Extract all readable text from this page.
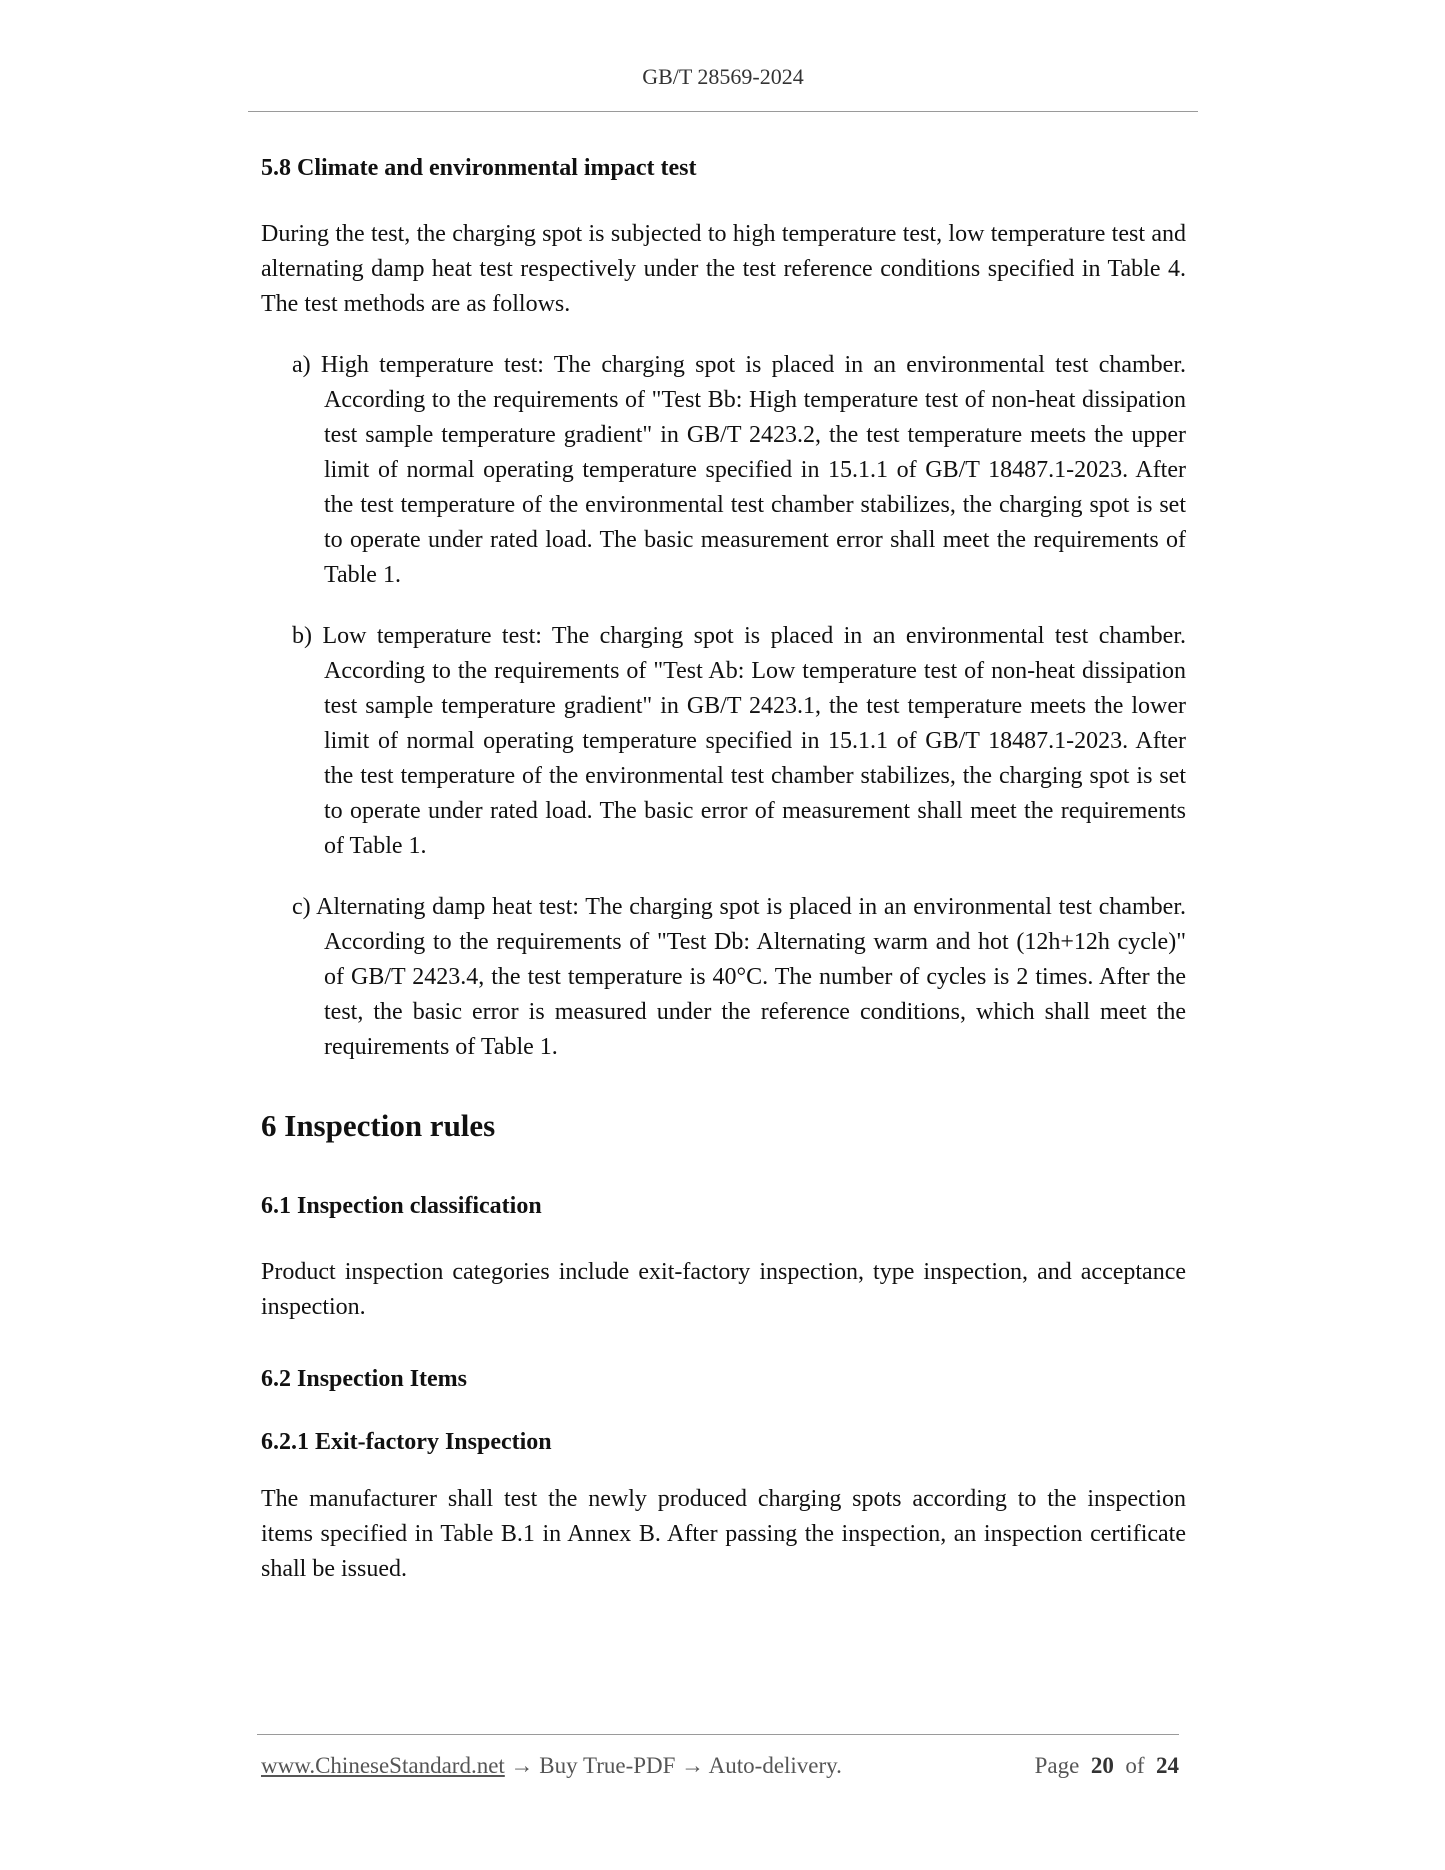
GB/T 28569-2024
5.8 Climate and environmental impact test

During the test, the charging spot is subjected to high temperature test, low temperature test and alternating damp heat test respectively under the test reference conditions specified in Table 4. The test methods are as follows.

a) High temperature test: The charging spot is placed in an environmental test chamber. According to the requirements of "Test Bb: High temperature test of non-heat dissipation test sample temperature gradient" in GB/T 2423.2, the test temperature meets the upper limit of normal operating temperature specified in 15.1.1 of GB/T 18487.1-2023. After the test temperature of the environmental test chamber stabilizes, the charging spot is set to operate under rated load. The basic measurement error shall meet the requirements of Table 1.
b) Low temperature test: The charging spot is placed in an environmental test chamber. According to the requirements of "Test Ab: Low temperature test of non-heat dissipation test sample temperature gradient" in GB/T 2423.1, the test temperature meets the lower limit of normal operating temperature specified in 15.1.1 of GB/T 18487.1-2023. After the test temperature of the environmental test chamber stabilizes, the charging spot is set to operate under rated load. The basic error of measurement shall meet the requirements of Table 1.
c) Alternating damp heat test: The charging spot is placed in an environmental test chamber. According to the requirements of "Test Db: Alternating warm and hot (12h+12h cycle)" of GB/T 2423.4, the test temperature is 40°C. The number of cycles is 2 times. After the test, the basic error is measured under the reference conditions, which shall meet the requirements of Table 1.
6 Inspection rules
6.1 Inspection classification

Product inspection categories include exit-factory inspection, type inspection, and acceptance inspection.

6.2 Inspection Items
6.2.1 Exit-factory Inspection

The manufacturer shall test the newly produced charging spots according to the inspection items specified in Table B.1 in Annex B. After passing the inspection, an inspection certificate shall be issued.

www.ChineseStandard.net → Buy True-PDF → Auto-delivery.	Page 20 of 24
